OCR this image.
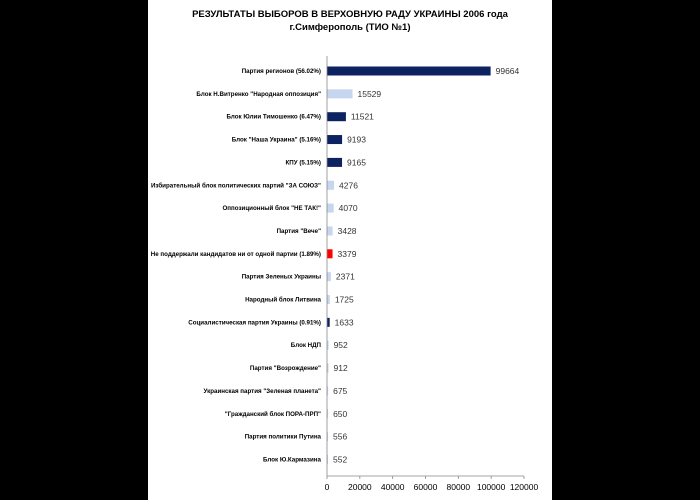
РЕЗУЛЬТАТЫ ВЫБОРОВ В ВЕРХОВНУЮ РАДУ УКРАИНЫ 2006 года
г.Симферополь (ТИО №1)
Партия регионов (56.02%)
Блок Н.Витренко "Народная оппозиция"
Блок Юлии Тимошенко (6.47%)
Блок "Наша Украина" (5.16%)
КПУ (5.15%)
Избирательный блок политических партий "ЗА СОЮЗ"
Оппозиционный блок "НЕ ТАК!"
Партия "Вече"
Не поддержали кандидатов ни от одной партии (1.89%)
Партия Зеленых Украины
Народный блок Литвина
Социалистическая партия Украины (0.91%)
Блок НДП
Партия "Возрождение"
Украинская партия "Зеленая планета"
"Гражданский блок ПОРА-ПРП"
Партия политики Путина
Блок Ю.Кармазина
99664
15529
11521
9193
9165
4276
4070
3428
3379
2371
1725
1633
952
912
675
650
556
552
0 20000 40000 60000 80000 100000 120000
